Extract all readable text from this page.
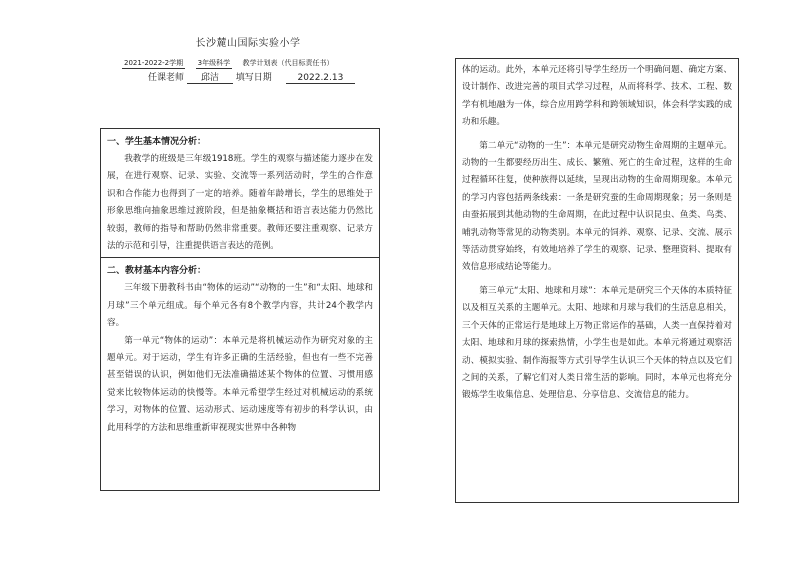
长沙麓山国际实验小学
2021-2022-2学期 3年级科学 教学计划表（代目标责任书）
任课老师 邱洁 填写日期	2022.2.13
一、学生基本情况分析：

我教学的班级是三年级1918班。学生的观察与描述能力逐步在发展，在进行观察、记录、实验、交流等一系列活动时，学生的合作意识和合作能力也得到了一定的培养。随着年龄增长，学生的思维处于形象思维向抽象思维过渡阶段，但是抽象概括和语言表达能力仍然比较弱，教师的指导和帮助仍然非常重要。教师还要注重观察、记录方法的示范和引导，注重提供语言表达的范例。

二、教材基本内容分析：

三年级下册教科书由“物体的运动”“动物的一生”和“太阳、地球和月球”三个单元组成。每个单元各有8个教学内容，共计24个教学内容。

第一单元“物体的运动”：本单元是将机械运动作为研究对象的主题单元。对于运动，学生有许多正确的生活经验，但也有一些不完善甚至错误的认识，例如他们无法准确描述某个物体的位置、习惯用感觉来比较物体运动的快慢等。本单元希望学生经过对机械运动的系统学习，对物体的位置、运动形式、运动速度等有初步的科学认识，由此用科学的方法和思维重新审视现实世界中各种物

体的运动。此外，本单元还将引导学生经历一个明确问题、确定方案、设计制作、改进完善的项目式学习过程，从而将科学、技术、工程、数学有机地融为一体，综合应用跨学科和跨领域知识，体会科学实践的成功和乐趣。

第二单元“动物的一生”：本单元是研究动物生命周期的主题单元。动物的一生都要经历出生、成长、繁殖、死亡的生命过程，这样的生命过程循环往复，使种族得以延续，呈现出动物的生命周期现象。本单元的学习内容包括两条线索：一条是研究蚕的生命周期现象；另一条则是由蚕拓展到其他动物的生命周期，在此过程中认识昆虫、鱼类、鸟类、哺乳动物等常见的动物类别。本单元的饲养、观察、记录、交流、展示等活动贯穿始终，有效地培养了学生的观察、记录、整理资料、提取有效信息形成结论等能力。

第三单元“太阳、地球和月球”：本单元是研究三个天体的本质特征以及相互关系的主题单元。太阳、地球和月球与我们的生活息息相关，三个天体的正常运行是地球上万物正常运作的基础，人类一直保持着对太阳、地球和月球的探索热情，小学生也是如此。本单元将通过观察活动、模拟实验、制作海报等方式引导学生认识三个天体的特点以及它们之间的关系，了解它们对人类日常生活的影响。同时，本单元也将充分锻炼学生收集信息、处理信息、分享信息、交流信息的能力。
